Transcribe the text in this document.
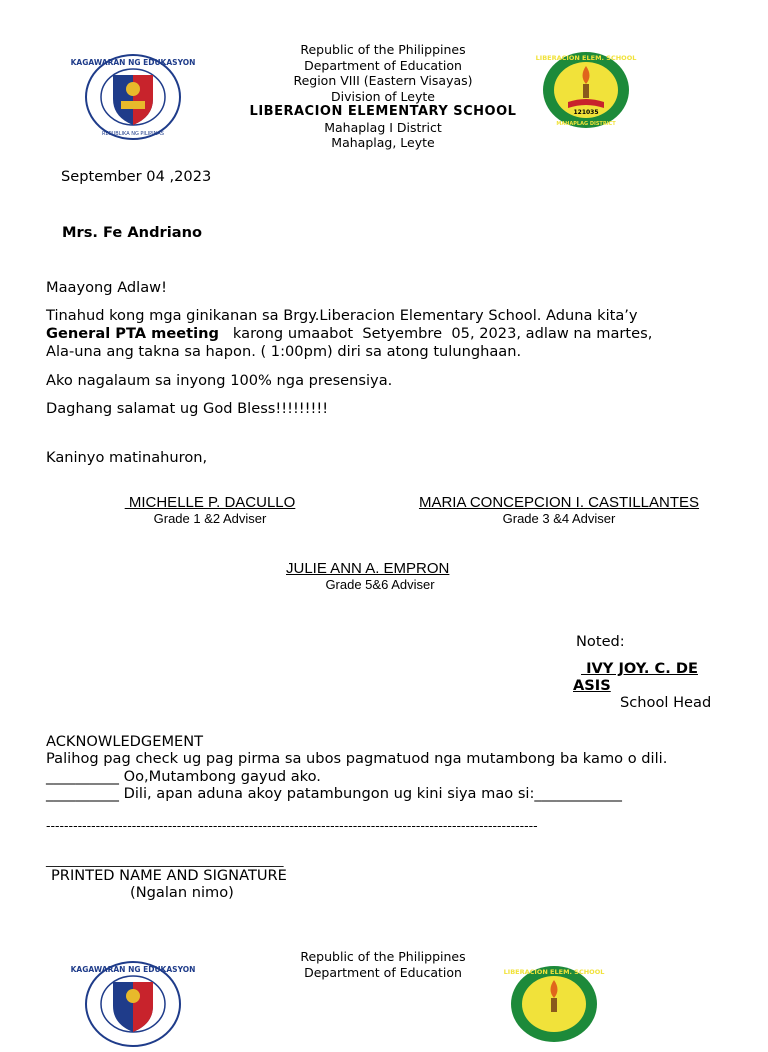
Republic of the Philippines
Department of Education
Region VIII (Eastern Visayas)
Division of Leyte
LIBERACION ELEMENTARY SCHOOL
Mahaplag I District
Mahaplag, Leyte
KAGAWARAN NG EDUKASYON
REPUBLIKA NG PILIPINAS
LIBERACION ELEM. SCHOOL
121035
MAHAPLAG DISTRICT
September 04 ,2023
Mrs. Fe Andriano
Maayong Adlaw!
Tinahud kong mga ginikanan sa Brgy.Liberacion Elementary School. Aduna kita’y
General PTA meeting   karong umaabot  Setyembre  05, 2023, adlaw na martes,
Ala-una ang takna sa hapon. ( 1:00pm) diri sa atong tulunghaan.
Ako nagalaum sa inyong 100% nga presensiya.
Daghang salamat ug God Bless!!!!!!!!!
Kaninyo matinahuron,
MICHELLE P. DACULLO
Grade 1 &2 Adviser
MARIA CONCEPCION I. CASTILLANTES
Grade 3 &4 Adviser
JULIE ANN A. EMPRON
Grade 5&6 Adviser
Noted:
IVY JOY. C. DE
ASIS
School Head
ACKNOWLEDGEMENT
Palihog pag check ug pag pirma sa ubos pagmatuod nga mutambong ba kamo o dili.
__________ Oo,Mutambong gayud ako.
__________ Dili, apan aduna akoy patambungon ug kini siya mao si:____________
-------------------------------------------------------------------------------------------------------------
______________________________________
PRINTED NAME AND SIGNATURE
(Ngalan nimo)
Republic of the Philippines
Department of Education
KAGAWARAN NG EDUKASYON	LIBERACION ELEM. SCHOOL
